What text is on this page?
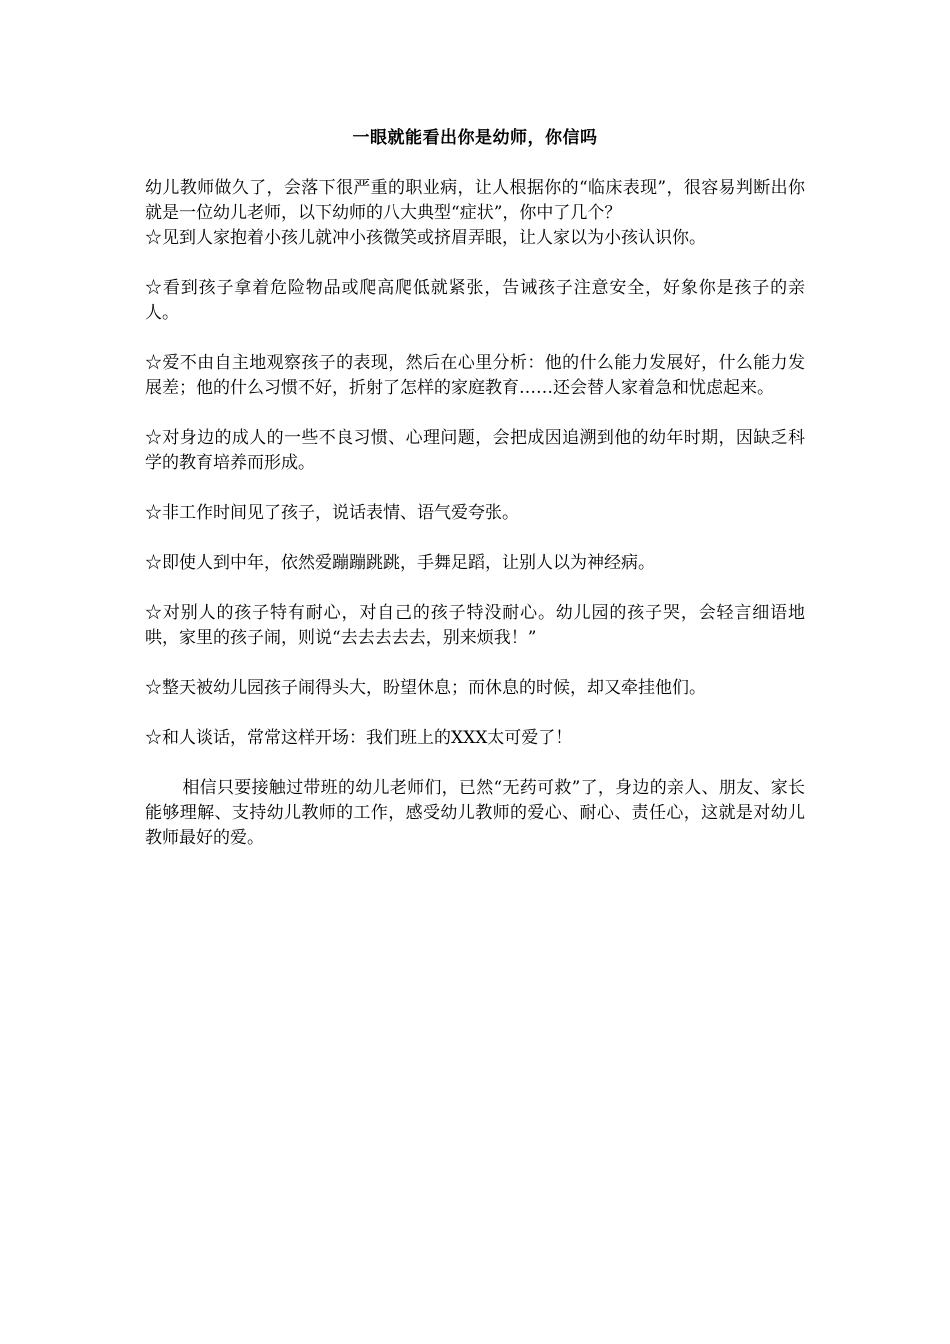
一眼就能看出你是幼师，你信吗

幼儿教师做久了，会落下很严重的职业病，让人根据你的“临床表现”，很容易判断出你就是一位幼儿老师，以下幼师的八大典型“症状”，你中了几个？

☆见到人家抱着小孩儿就冲小孩微笑或挤眉弄眼，让人家以为小孩认识你。

☆看到孩子拿着危险物品或爬高爬低就紧张，告诫孩子注意安全，好象你是孩子的亲人。

☆爱不由自主地观察孩子的表现，然后在心里分析：他的什么能力发展好，什么能力发展差；他的什么习惯不好，折射了怎样的家庭教育……还会替人家着急和忧虑起来。

☆对身边的成人的一些不良习惯、心理问题，会把成因追溯到他的幼年时期，因缺乏科学的教育培养而形成。

☆非工作时间见了孩子，说话表情、语气爱夸张。

☆即使人到中年，依然爱蹦蹦跳跳，手舞足蹈，让别人以为神经病。

☆对别人的孩子特有耐心，对自己的孩子特没耐心。幼儿园的孩子哭，会轻言细语地哄，家里的孩子闹，则说“去去去去去，别来烦我！”

☆整天被幼儿园孩子闹得头大，盼望休息；而休息的时候，却又牵挂他们。

☆和人谈话，常常这样开场：我们班上的XXX太可爱了！

相信只要接触过带班的幼儿老师们，已然“无药可救”了，身边的亲人、朋友、家长能够理解、支持幼儿教师的工作，感受幼儿教师的爱心、耐心、责任心，这就是对幼儿教师最好的爱。
